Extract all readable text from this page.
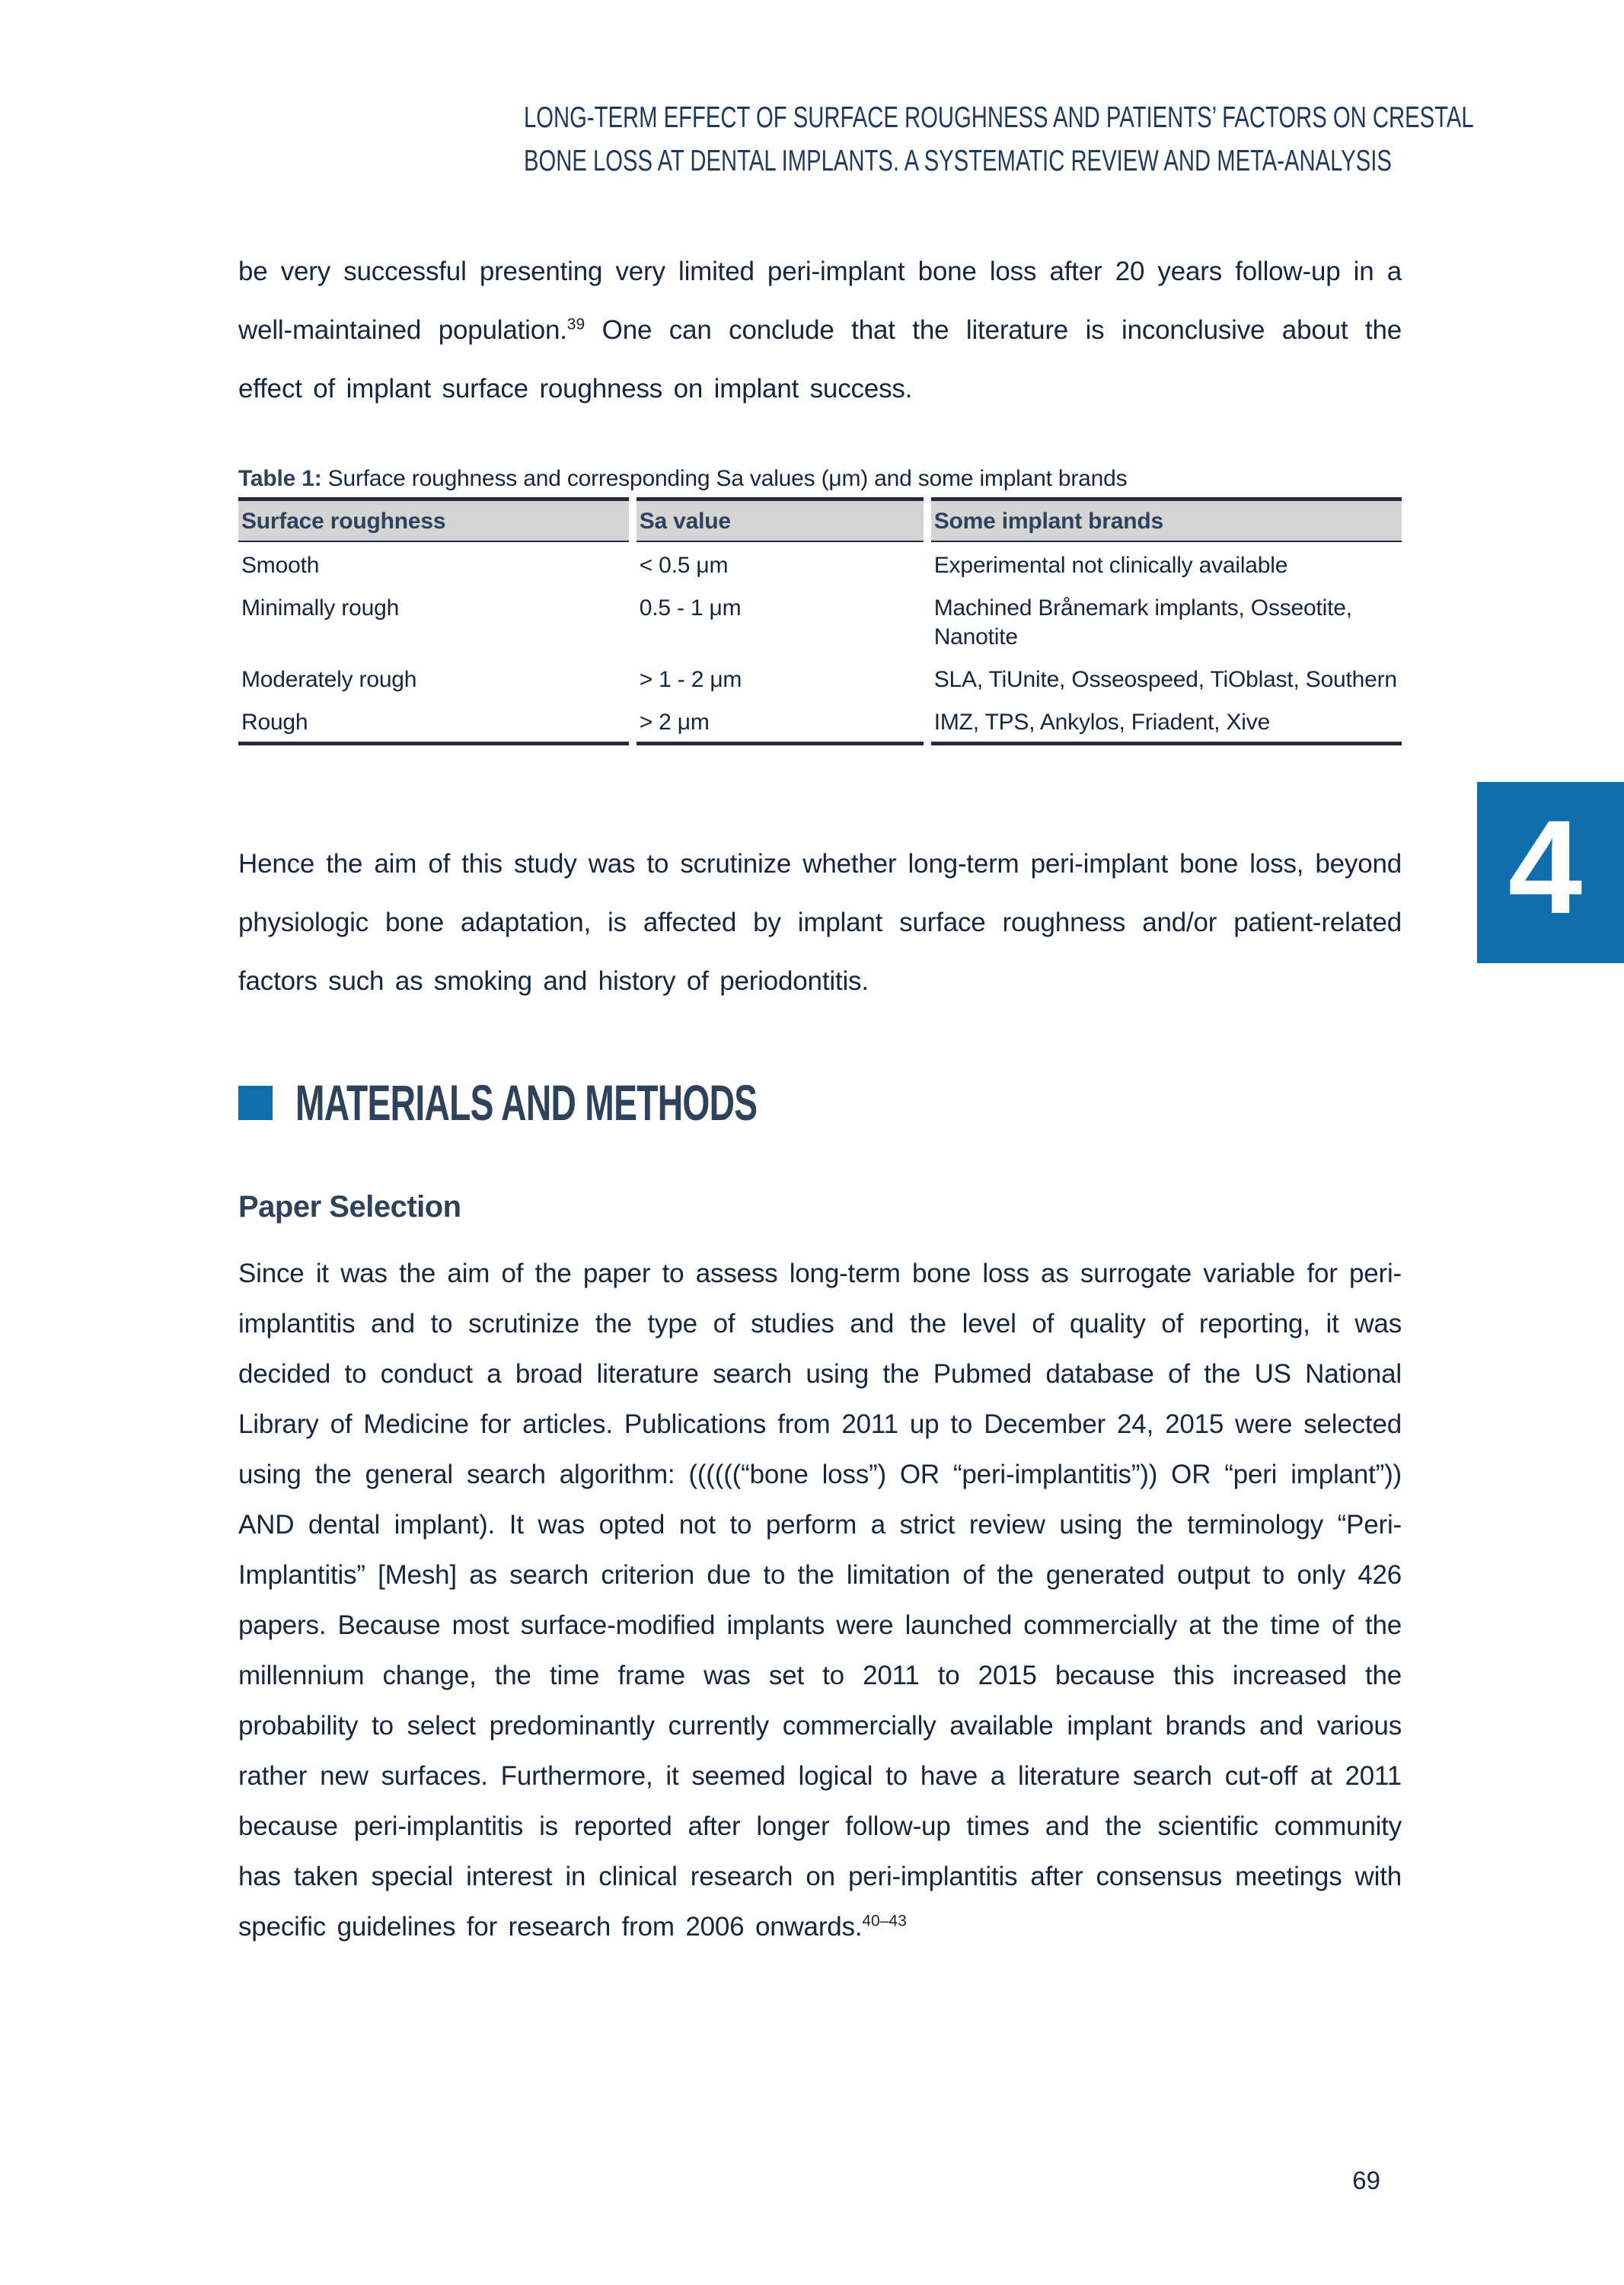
LONG-TERM EFFECT OF SURFACE ROUGHNESS AND PATIENTS’ FACTORS ON CRESTAL
BONE LOSS AT DENTAL IMPLANTS. A SYSTEMATIC REVIEW AND META-ANALYSIS

be very successful presenting very limited peri-implant bone loss after 20 years follow-up in a well-maintained population.$^{39}$ One can conclude that the literature is inconclusive about the effect of implant surface roughness on implant success.

Table 1: Surface roughness and corresponding Sa values (μm) and some implant brands
Surface roughness	Sa value	Some implant brands
Smooth	< 0.5 μm	Experimental not clinically available
Minimally rough	0.5 - 1 μm	Machined Brånemark implants, Osseotite, Nanotite
Moderately rough	> 1 - 2 μm	SLA, TiUnite, Osseospeed, TiOblast, Southern
Rough	> 2 μm	IMZ, TPS, Ankylos, Friadent, Xive

Hence the aim of this study was to scrutinize whether long-term peri-implant bone loss, beyond physiologic bone adaptation, is affected by implant surface roughness and/or patient-related factors such as smoking and history of periodontitis.

MATERIALS AND METHODS
Paper Selection

Since it was the aim of the paper to assess long-term bone loss as surrogate variable for peri-implantitis and to scrutinize the type of studies and the level of quality of reporting, it was decided to conduct a broad literature search using the Pubmed database of the US National Library of Medicine for articles. Publications from 2011 up to December 24, 2015 were selected using the general search algorithm: ((((((“bone loss”) OR “peri-implantitis”)) OR “peri implant”)) AND dental implant). It was opted not to perform a strict review using the terminology “Peri- Implantitis” [Mesh] as search criterion due to the limitation of the generated output to only 426 papers. Because most surface-modified implants were launched commercially at the time of the millennium change, the time frame was set to 2011 to 2015 because this increased the probability to select predominantly currently commercially available implant brands and various rather new surfaces. Furthermore, it seemed logical to have a literature search cut-off at 2011 because peri-implantitis is reported after longer follow-up times and the scientific community has taken special interest in clinical research on peri-implantitis after consensus meetings with specific guidelines for research from 2006 onwards.$^{40-43}$

4
69
